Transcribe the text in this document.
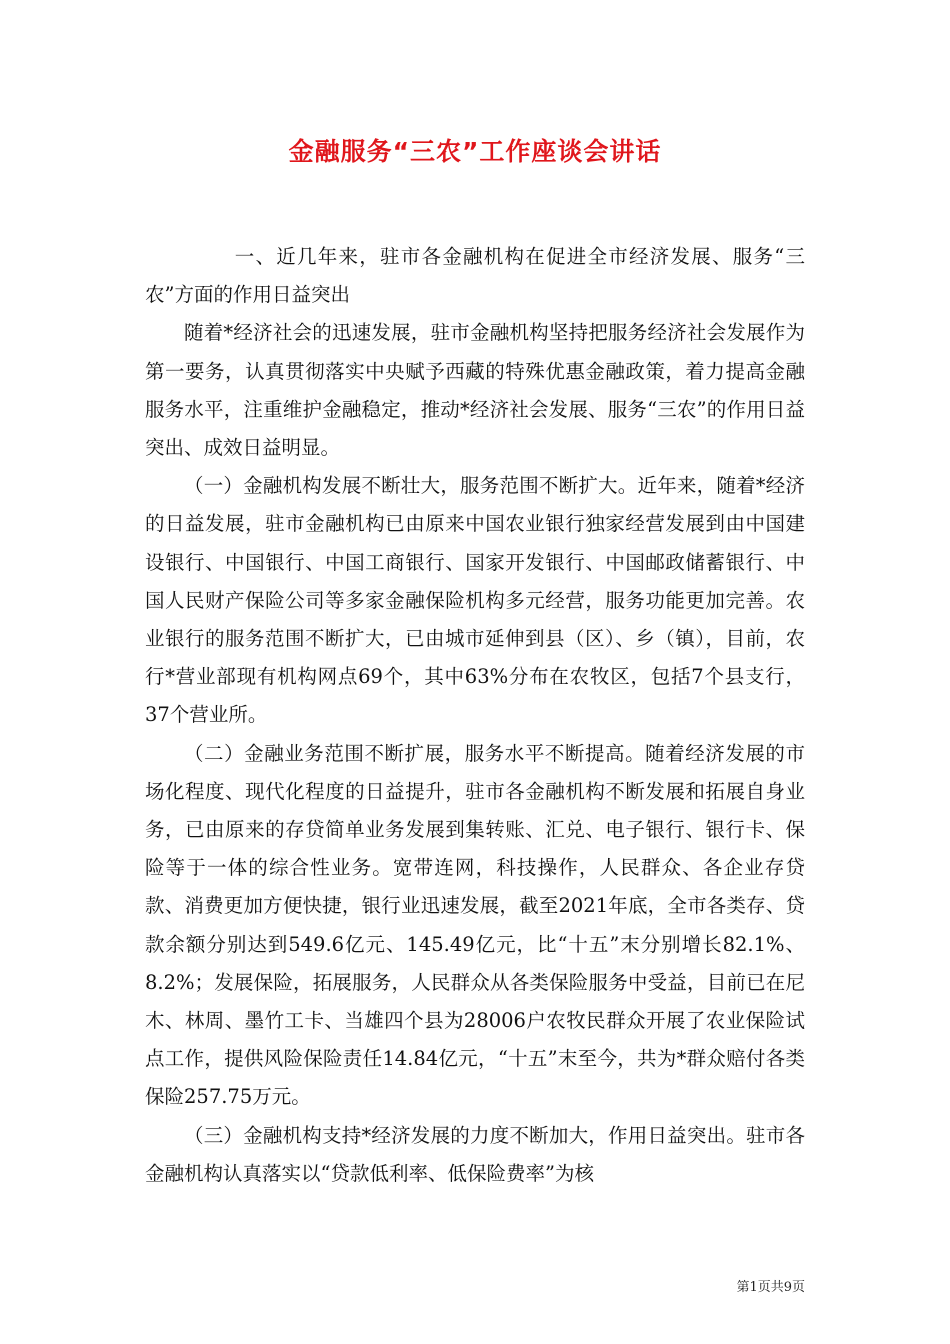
金融服务“三农”工作座谈会讲话

一、近几年来，驻市各金融机构在促进全市经济发展、服务“三农”方面的作用日益突出

随着*经济社会的迅速发展，驻市金融机构坚持把服务经济社会发展作为第一要务，认真贯彻落实中央赋予西藏的特殊优惠金融政策，着力提高金融服务水平，注重维护金融稳定，推动*经济社会发展、服务“三农”的作用日益突出、成效日益明显。

（一）金融机构发展不断壮大，服务范围不断扩大。近年来，随着*经济的日益发展，驻市金融机构已由原来中国农业银行独家经营发展到由中国建设银行、中国银行、中国工商银行、国家开发银行、中国邮政储蓄银行、中国人民财产保险公司等多家金融保险机构多元经营，服务功能更加完善。农业银行的服务范围不断扩大，已由城市延伸到县（区）、乡（镇），目前，农行*营业部现有机构网点69个，其中63%分布在农牧区，包括7个县支行，37个营业所。

（二）金融业务范围不断扩展，服务水平不断提高。随着经济发展的市场化程度、现代化程度的日益提升，驻市各金融机构不断发展和拓展自身业务，已由原来的存贷简单业务发展到集转账、汇兑、电子银行、银行卡、保险等于一体的综合性业务。宽带连网，科技操作，人民群众、各企业存贷款、消费更加方便快捷，银行业迅速发展，截至2021年底，全市各类存、贷款余额分别达到549.6亿元、145.49亿元，比“十五”末分别增长82.1%、8.2%；发展保险，拓展服务，人民群众从各类保险服务中受益，目前已在尼木、林周、墨竹工卡、当雄四个县为28006户农牧民群众开展了农业保险试点工作，提供风险保险责任14.84亿元，“十五”末至今，共为*群众赔付各类保险257.75万元。

（三）金融机构支持*经济发展的力度不断加大，作用日益突出。驻市各金融机构认真落实以“贷款低利率、低保险费率”为核

第1页共9页
